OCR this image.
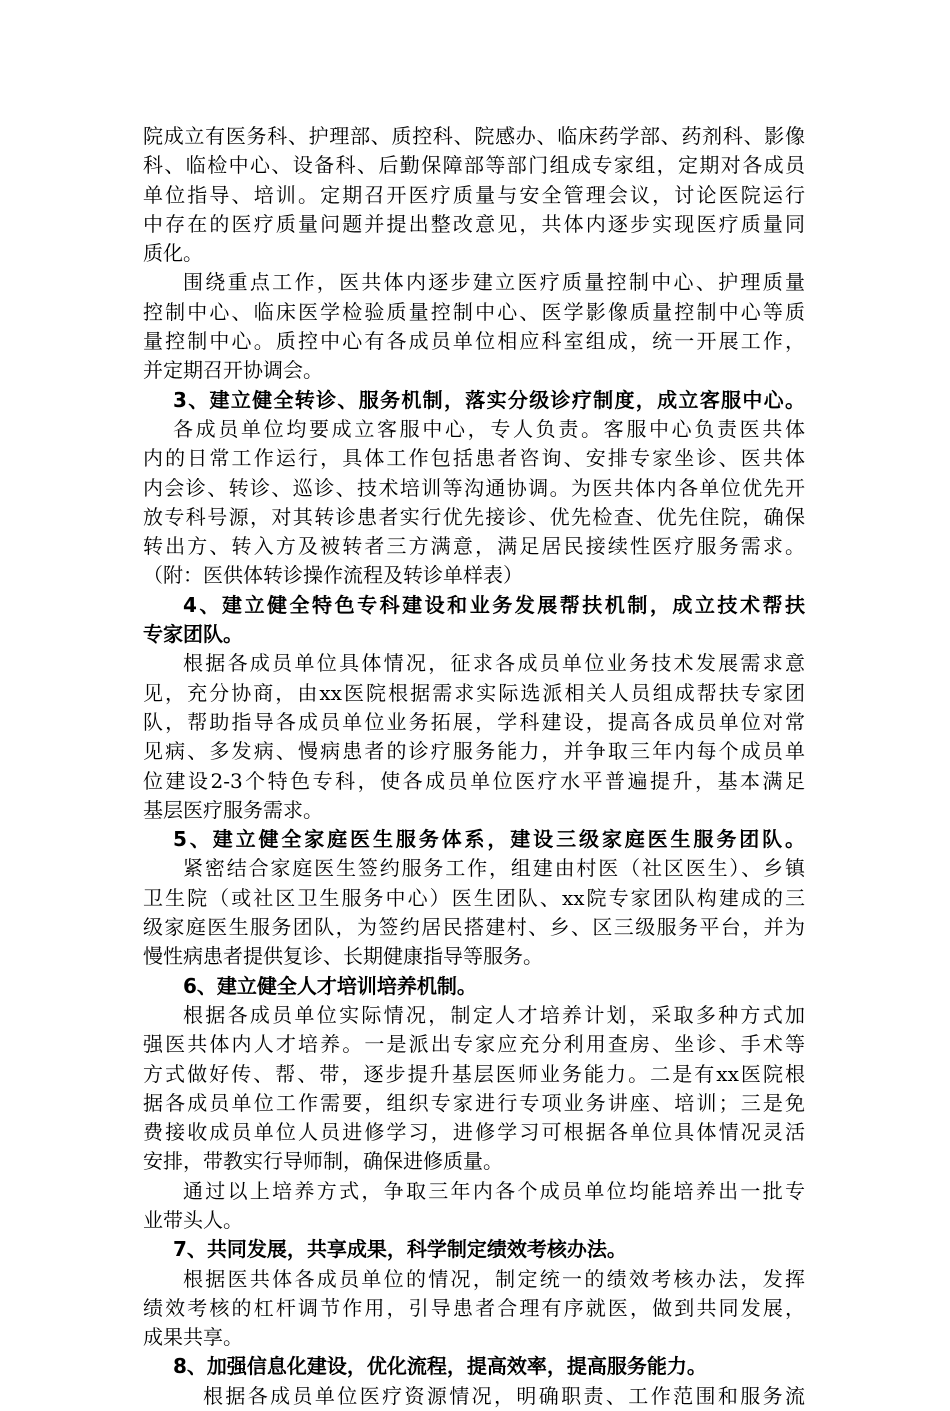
院成立有医务科、护理部、质控科、院感办、临床药学部、药剂科、影像
科、临检中心、设备科、后勤保障部等部门组成专家组，定期对各成员
单位指导、培训。定期召开医疗质量与安全管理会议，讨论医院运行
中存在的医疗质量问题并提出整改意见，共体内逐步实现医疗质量同
质化。
围绕重点工作，医共体内逐步建立医疗质量控制中心、护理质量
控制中心、临床医学检验质量控制中心、医学影像质量控制中心等质
量控制中心。质控中心有各成员单位相应科室组成，统一开展工作，
并定期召开协调会。
3、建立健全转诊、服务机制，落实分级诊疗制度，成立客服中心。
各成员单位均要成立客服中心，专人负责。客服中心负责医共体
内的日常工作运行，具体工作包括患者咨询、安排专家坐诊、医共体
内会诊、转诊、巡诊、技术培训等沟通协调。为医共体内各单位优先开
放专科号源，对其转诊患者实行优先接诊、优先检查、优先住院，确保
转出方、转入方及被转者三方满意，满足居民接续性医疗服务需求。
（附：医供体转诊操作流程及转诊单样表）
4、建立健全特色专科建设和业务发展帮扶机制，成立技术帮扶
专家团队。
根据各成员单位具体情况，征求各成员单位业务技术发展需求意
见，充分协商，由xx医院根据需求实际选派相关人员组成帮扶专家团
队，帮助指导各成员单位业务拓展，学科建设，提高各成员单位对常
见病、多发病、慢病患者的诊疗服务能力，并争取三年内每个成员单
位建设2-3个特色专科，使各成员单位医疗水平普遍提升，基本满足
基层医疗服务需求。
5、建立健全家庭医生服务体系，建设三级家庭医生服务团队。
紧密结合家庭医生签约服务工作，组建由村医（社区医生）、乡镇
卫生院（或社区卫生服务中心）医生团队、xx院专家团队构建成的三
级家庭医生服务团队，为签约居民搭建村、乡、区三级服务平台，并为
慢性病患者提供复诊、长期健康指导等服务。
6、建立健全人才培训培养机制。
根据各成员单位实际情况，制定人才培养计划，采取多种方式加
强医共体内人才培养。一是派出专家应充分利用查房、坐诊、手术等
方式做好传、帮、带，逐步提升基层医师业务能力。二是有xx医院根
据各成员单位工作需要，组织专家进行专项业务讲座、培训；三是免
费接收成员单位人员进修学习，进修学习可根据各单位具体情况灵活
安排，带教实行导师制，确保进修质量。
通过以上培养方式，争取三年内各个成员单位均能培养出一批专
业带头人。
7、共同发展，共享成果，科学制定绩效考核办法。
根据医共体各成员单位的情况，制定统一的绩效考核办法，发挥
绩效考核的杠杆调节作用，引导患者合理有序就医，做到共同发展，
成果共享。
8、加强信息化建设，优化流程，提高效率，提高服务能力。
根据各成员单位医疗资源情况，明确职责、工作范围和服务流
